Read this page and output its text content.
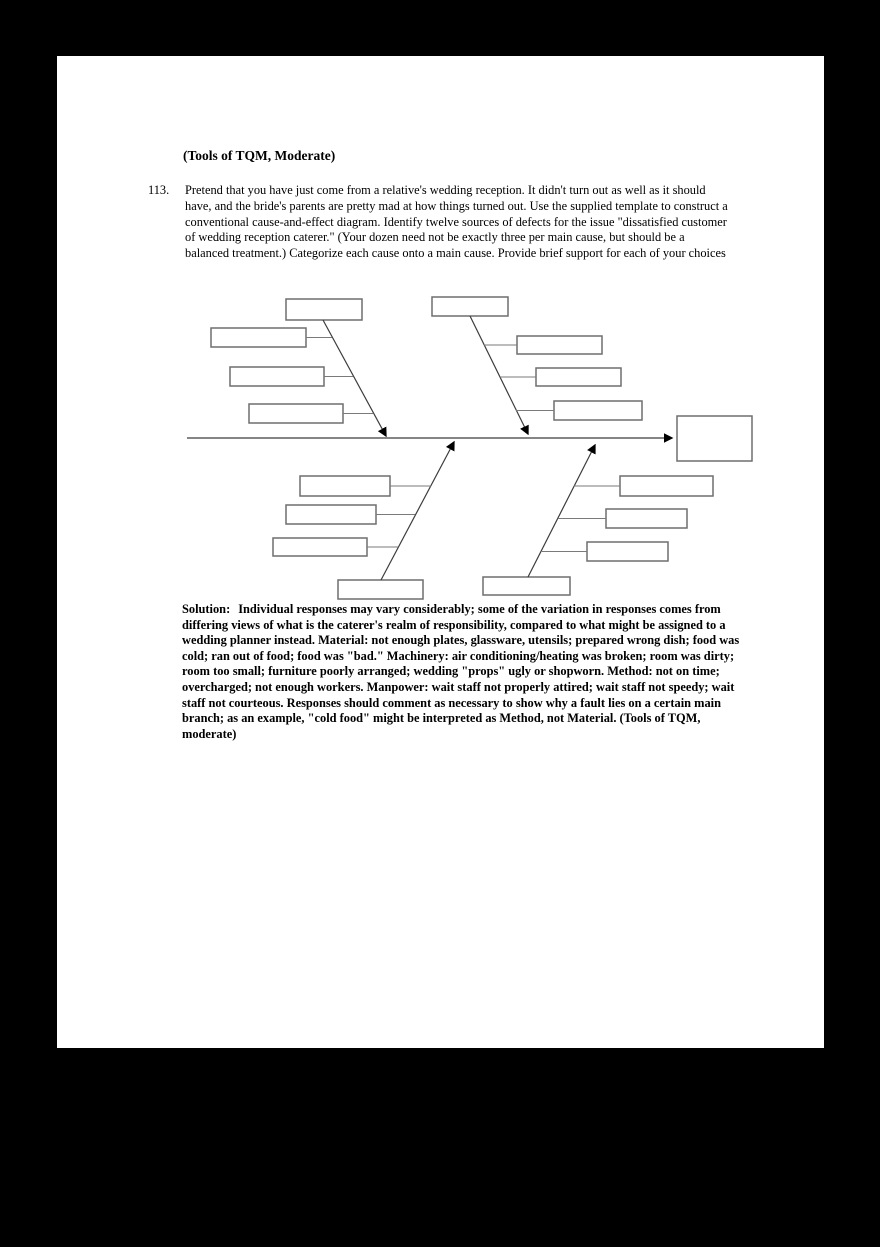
(Tools of TQM, Moderate)
113.	Pretend that you have just come from a relative's wedding reception. It didn't turn out as well as it should have, and the bride's parents are pretty mad at how things turned out. Use the supplied template to construct a conventional cause-and-effect diagram. Identify twelve sources of defects for the issue "dissatisfied customer of wedding reception caterer." (Your dozen need not be exactly three per main cause, but should be a balanced treatment.) Categorize each cause onto a main cause. Provide brief support for each of your choices
Solution: Individual responses may vary considerably; some of the variation in responses comes from differing views of what is the caterer's realm of responsibility, compared to what might be assigned to a wedding planner instead. Material: not enough plates, glassware, utensils; prepared wrong dish; food was cold; ran out of food; food was "bad." Machinery: air conditioning/heating was broken; room was dirty; room too small; furniture poorly arranged; wedding "props" ugly or shopworn. Method: not on time; overcharged; not enough workers. Manpower: wait staff not properly attired; wait staff not speedy; wait staff not courteous. Responses should comment as necessary to show why a fault lies on a certain main branch; as an example, "cold food" might be interpreted as Method, not Material. (Tools of TQM, moderate)
